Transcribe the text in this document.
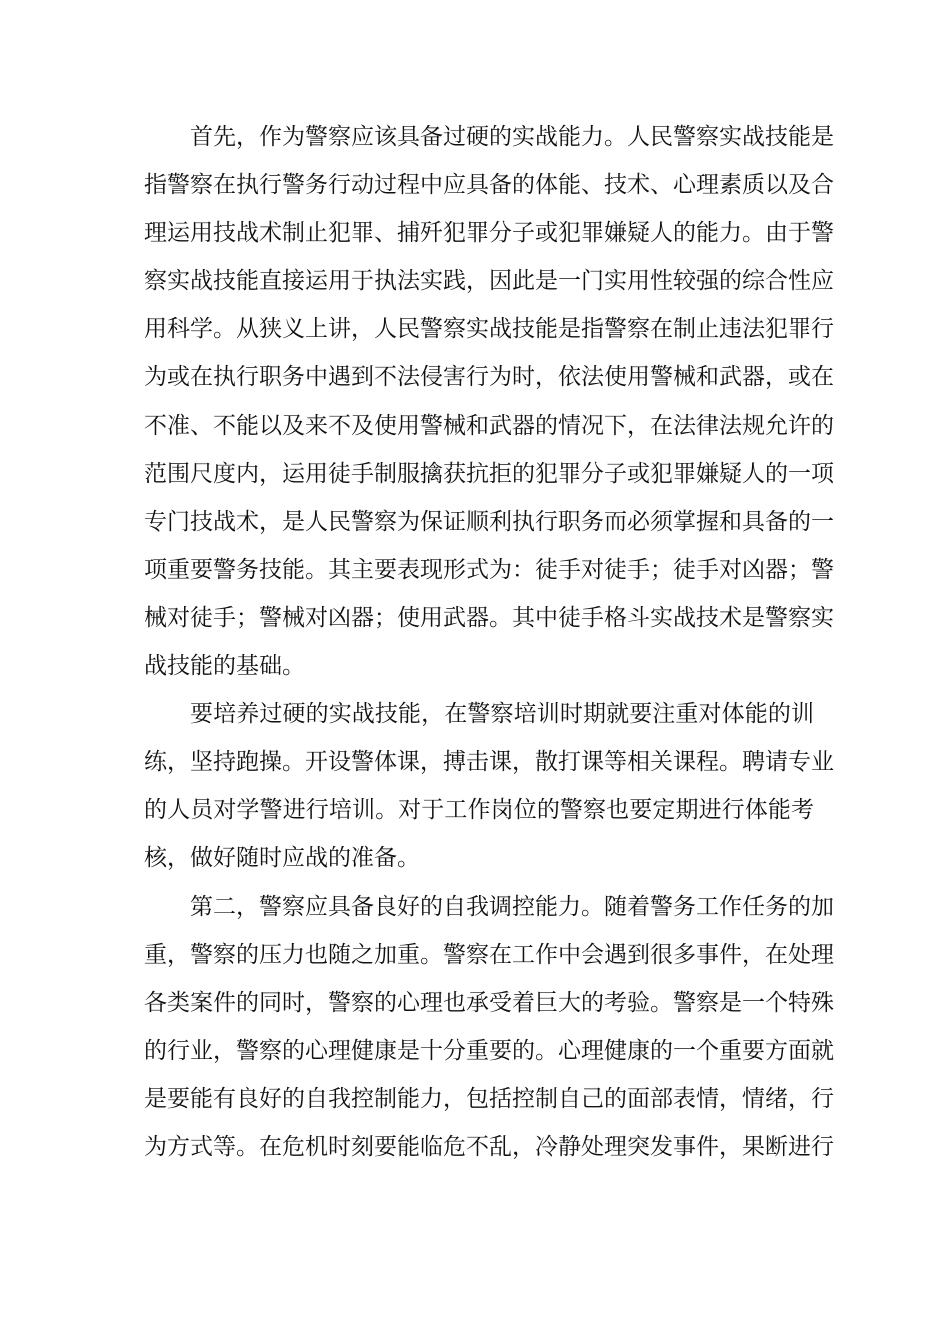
首先，作为警察应该具备过硬的实战能力。人民警察实战技能是
指警察在执行警务行动过程中应具备的体能、技术、心理素质以及合
理运用技战术制止犯罪、捕歼犯罪分子或犯罪嫌疑人的能力。由于警
察实战技能直接运用于执法实践，因此是一门实用性较强的综合性应
用科学。从狭义上讲，人民警察实战技能是指警察在制止违法犯罪行
为或在执行职务中遇到不法侵害行为时，依法使用警械和武器，或在
不准、不能以及来不及使用警械和武器的情况下，在法律法规允许的
范围尺度内，运用徒手制服擒获抗拒的犯罪分子或犯罪嫌疑人的一项
专门技战术，是人民警察为保证顺利执行职务而必须掌握和具备的一
项重要警务技能。其主要表现形式为：徒手对徒手；徒手对凶器；警
械对徒手；警械对凶器；使用武器。其中徒手格斗实战技术是警察实
战技能的基础。
要培养过硬的实战技能，在警察培训时期就要注重对体能的训
练，坚持跑操。开设警体课，搏击课，散打课等相关课程。聘请专业
的人员对学警进行培训。对于工作岗位的警察也要定期进行体能考
核，做好随时应战的准备。
第二，警察应具备良好的自我调控能力。随着警务工作任务的加
重，警察的压力也随之加重。警察在工作中会遇到很多事件，在处理
各类案件的同时，警察的心理也承受着巨大的考验。警察是一个特殊
的行业，警察的心理健康是十分重要的。心理健康的一个重要方面就
是要能有良好的自我控制能力，包括控制自己的面部表情，情绪，行
为方式等。在危机时刻要能临危不乱，冷静处理突发事件，果断进行
